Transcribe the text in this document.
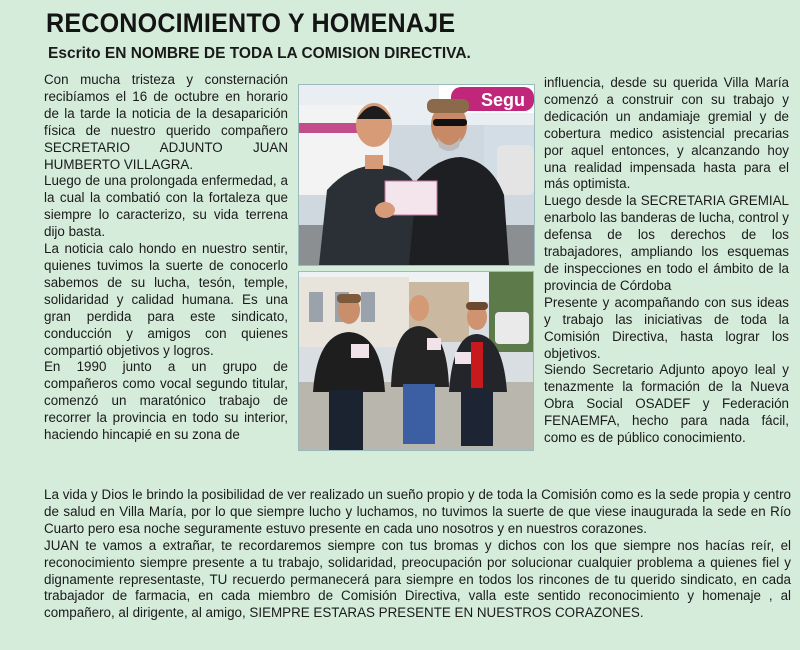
RECONOCIMIENTO Y HOMENAJE

Escrito EN NOMBRE DE TODA LA COMISION DIRECTIVA.

Con mucha tristeza y consternación recibíamos el 16 de octubre en horario de la tarde la noticia de la desaparición física de nuestro querido compañero SECRETARIO ADJUNTO JUAN HUMBERTO VILLAGRA.

Luego de una prolongada enfermedad, a la cual la combatió con la fortaleza que siempre lo caracterizo, su vida terrena dijo basta.

La noticia calo hondo en nuestro sentir, quienes tuvimos la suerte de conocerlo sabemos de su lucha, tesón, temple, solidaridad y calidad humana. Es una gran perdida para este sindicato, conducción y amigos con quienes compartió objetivos y logros.

En 1990 junto a un grupo de compañeros como vocal segundo titular, comenzó un maratónico trabajo de recorrer la provincia en todo su interior, haciendo hincapié en su zona de

Segu

influencia, desde su querida Villa María comenzó a construir con su trabajo y dedicación un andamiaje gremial y de cobertura medico asistencial precarias por aquel entonces, y alcanzando hoy una realidad impensada hasta para el más optimista.

Luego desde la SECRETARIA GREMIAL enarbolo las banderas de lucha, control y defensa de los derechos de los trabajadores, ampliando los esquemas de inspecciones en todo el ámbito de la provincia de Córdoba

Presente y acompañando con sus ideas y trabajo las iniciativas de toda la Comisión Directiva, hasta lograr los objetivos.

Siendo Secretario Adjunto apoyo leal y tenazmente la formación de la Nueva Obra Social OSADEF y Federación FENAEMFA, hecho para nada fácil, como es de público conocimiento.

La vida y Dios le brindo la posibilidad de ver realizado un sueño propio y de toda la Comisión como es la sede propia y centro de salud en Villa María, por lo que siempre lucho y luchamos, no tuvimos la suerte de que viese inaugurada la sede en Río Cuarto pero esa noche seguramente estuvo presente en cada uno nosotros y en nuestros corazones.

JUAN te vamos a extrañar, te recordaremos siempre con tus bromas y dichos con los que siempre nos hacías reír, el reconocimiento siempre presente a tu trabajo, solidaridad, preocupación por solucionar cualquier problema a quienes fiel y dignamente representaste, TU recuerdo permanecerá para siempre en todos los rincones de tu querido sindicato, en cada trabajador de farmacia, en cada miembro de Comisión Directiva, valla este sentido reconocimiento y homenaje , al compañero, al dirigente, al amigo, SIEMPRE ESTARAS PRESENTE EN NUESTROS CORAZONES.
